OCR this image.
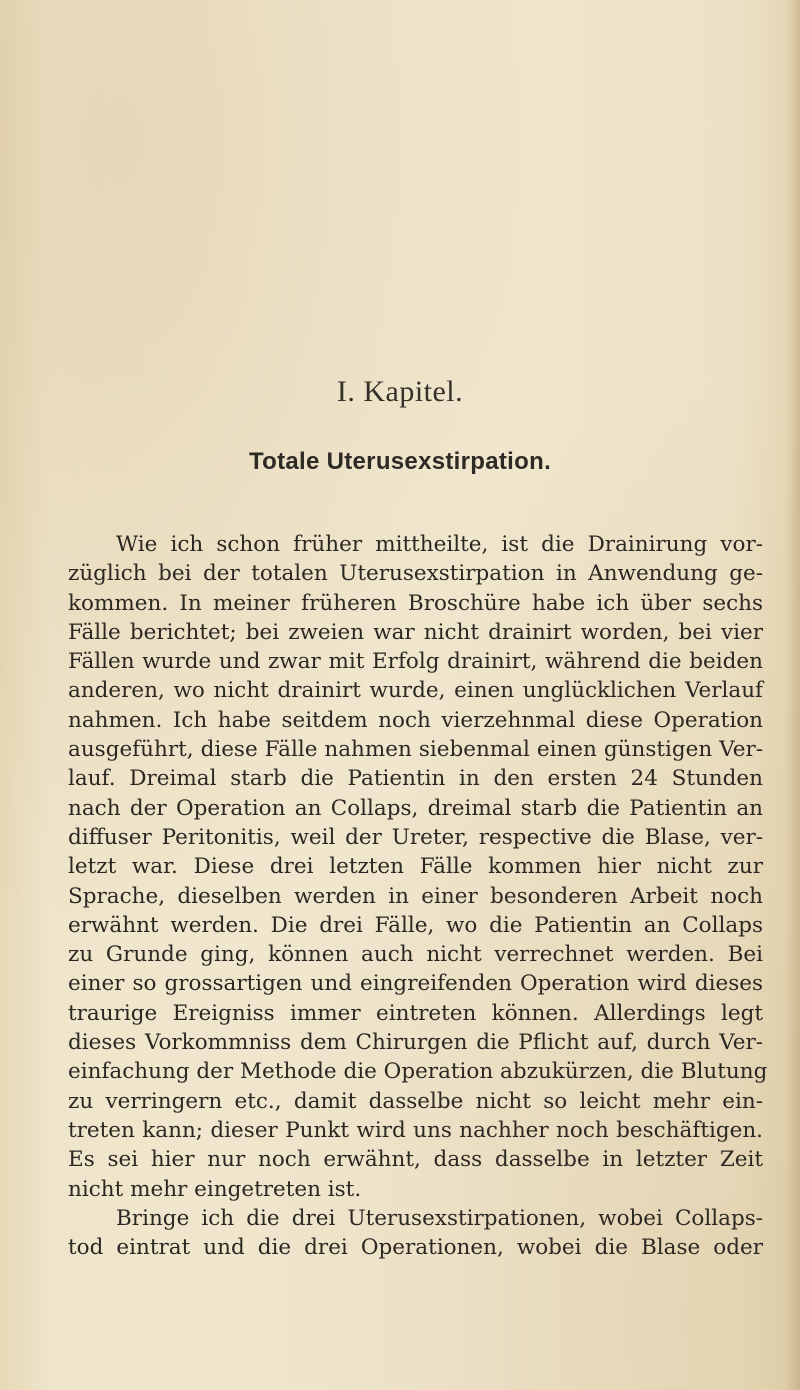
I. Kapitel.
Totale Uterusexstirpation.
Wie ich schon früher mittheilte, ist die Drainirung vor-
züglich bei der totalen Uterusexstirpation in Anwendung ge-
kommen. In meiner früheren Broschüre habe ich über sechs
Fälle berichtet; bei zweien war nicht drainirt worden, bei vier
Fällen wurde und zwar mit Erfolg drainirt, während die beiden
anderen, wo nicht drainirt wurde, einen unglücklichen Verlauf
nahmen. Ich habe seitdem noch vierzehnmal diese Operation
ausgeführt, diese Fälle nahmen siebenmal einen günstigen Ver-
lauf. Dreimal starb die Patientin in den ersten 24 Stunden
nach der Operation an Collaps, dreimal starb die Patientin an
diffuser Peritonitis, weil der Ureter, respective die Blase, ver-
letzt war. Diese drei letzten Fälle kommen hier nicht zur
Sprache, dieselben werden in einer besonderen Arbeit noch
erwähnt werden. Die drei Fälle, wo die Patientin an Collaps
zu Grunde ging, können auch nicht verrechnet werden. Bei
einer so grossartigen und eingreifenden Operation wird dieses
traurige Ereigniss immer eintreten können. Allerdings legt
dieses Vorkommniss dem Chirurgen die Pflicht auf, durch Ver-
einfachung der Methode die Operation abzukürzen, die Blutung
zu verringern etc., damit dasselbe nicht so leicht mehr ein-
treten kann; dieser Punkt wird uns nachher noch beschäftigen.
Es sei hier nur noch erwähnt, dass dasselbe in letzter Zeit
nicht mehr eingetreten ist.
Bringe ich die drei Uterusexstirpationen, wobei Collaps-
tod eintrat und die drei Operationen, wobei die Blase oder
